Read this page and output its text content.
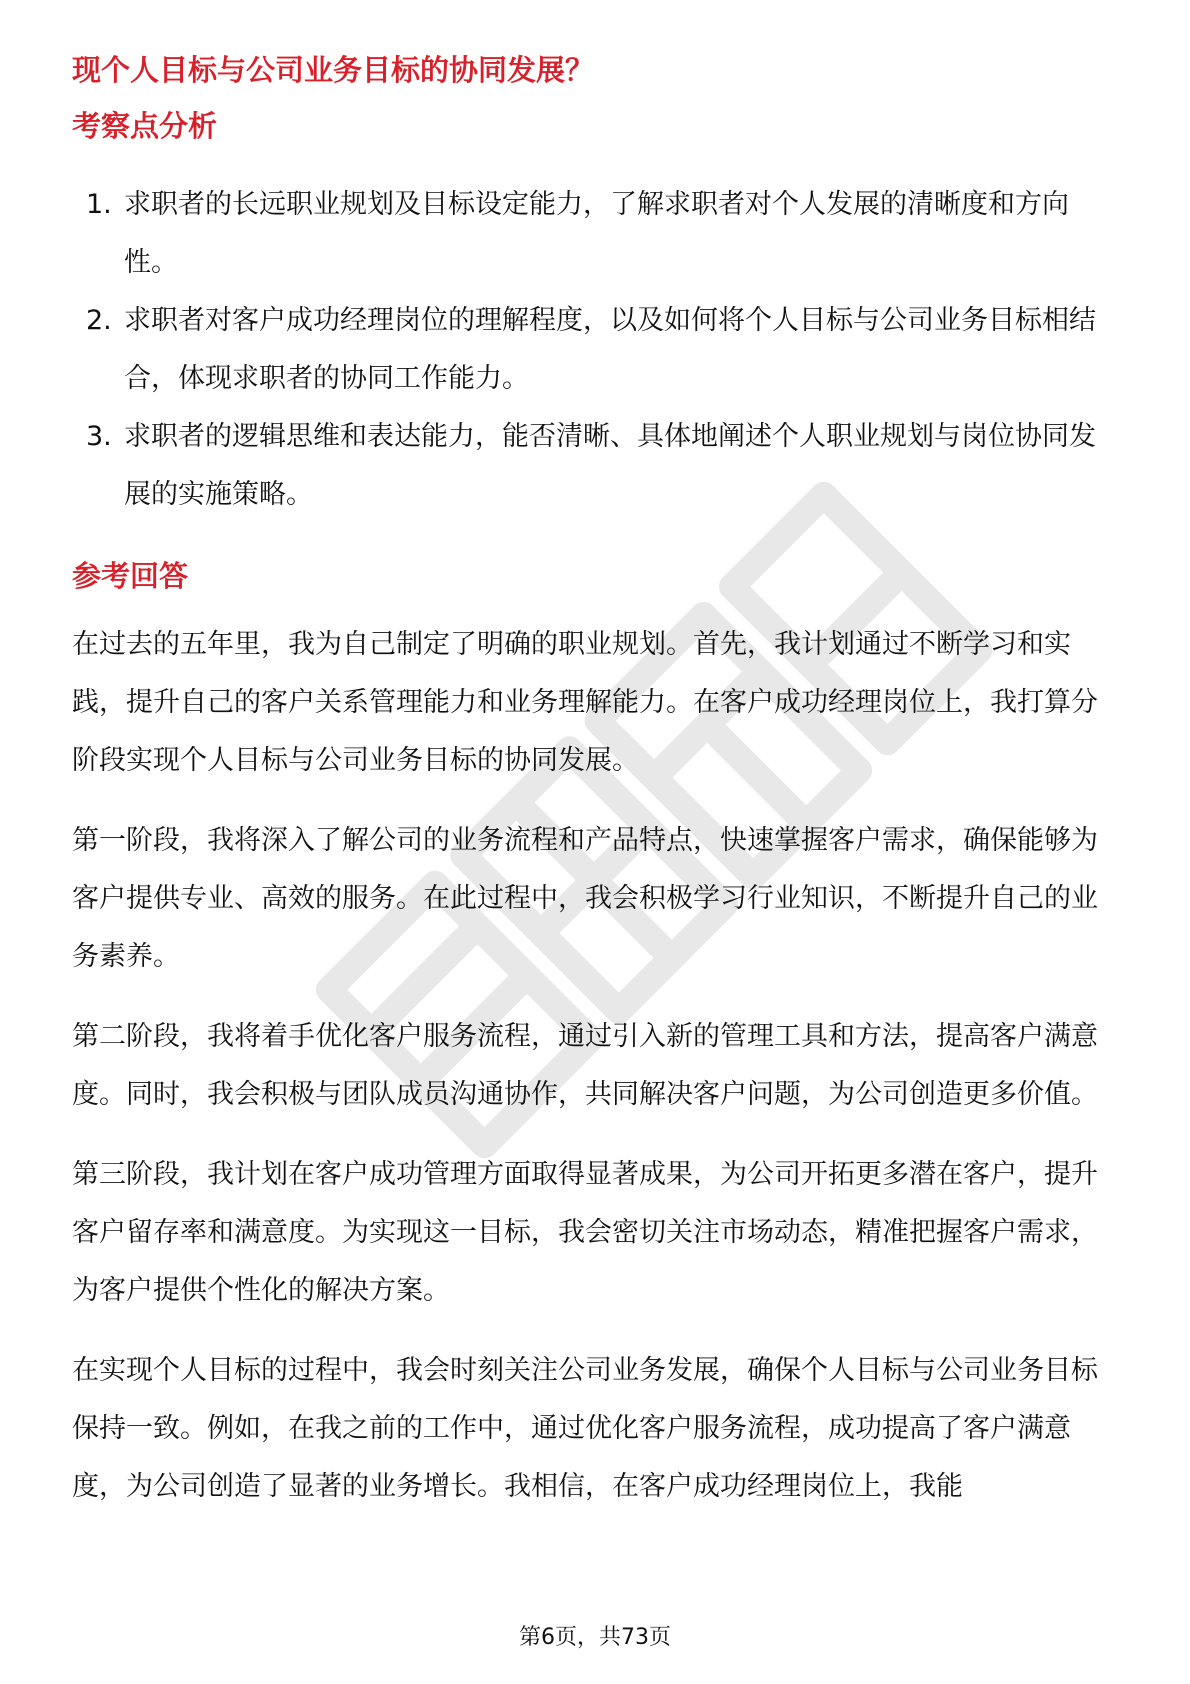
现个人目标与公司业务目标的协同发展？
考察点分析
1. 求职者的长远职业规划及目标设定能力，了解求职者对个人发展的清晰度和方向性。
2. 求职者对客户成功经理岗位的理解程度，以及如何将个人目标与公司业务目标相结合，体现求职者的协同工作能力。
3. 求职者的逻辑思维和表达能力，能否清晰、具体地阐述个人职业规划与岗位协同发展的实施策略。
参考回答

在过去的五年里，我为自己制定了明确的职业规划。首先，我计划通过不断学习和实践，提升自己的客户关系管理能力和业务理解能力。在客户成功经理岗位上，我打算分阶段实现个人目标与公司业务目标的协同发展。

第一阶段，我将深入了解公司的业务流程和产品特点，快速掌握客户需求，确保能够为客户提供专业、高效的服务。在此过程中，我会积极学习行业知识，不断提升自己的业务素养。

第二阶段，我将着手优化客户服务流程，通过引入新的管理工具和方法，提高客户满意度。同时，我会积极与团队成员沟通协作，共同解决客户问题，为公司创造更多价值。

第三阶段，我计划在客户成功管理方面取得显著成果，为公司开拓更多潜在客户，提升客户留存率和满意度。为实现这一目标，我会密切关注市场动态，精准把握客户需求，为客户提供个性化的解决方案。

在实现个人目标的过程中，我会时刻关注公司业务发展，确保个人目标与公司业务目标保持一致。例如，在我之前的工作中，通过优化客户服务流程，成功提高了客户满意度，为公司创造了显著的业务增长。我相信，在客户成功经理岗位上，我能

第6页，共73页
